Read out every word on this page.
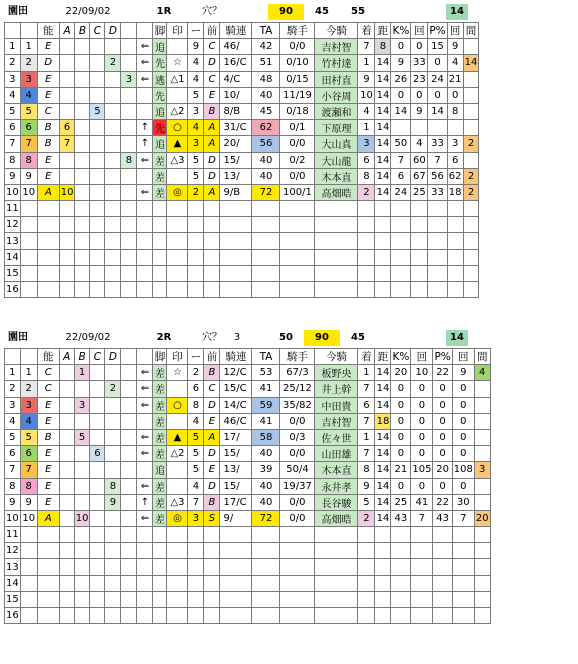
園田	22/09/02	1R	穴？	90	45	55	14
		能	A	B	C	D			脚	印	ー	前	騎連	TA	騎手	今騎	着	距	K%	回	P%	回	間
1	1	E						⇐	追		9	C	46/	42	0/0	吉村智	7	8	0	0	15	9	
2	2	D				2		⇐	先	☆	4	D	16/C	51	0/10	竹村達	1	14	9	33	0	4	14
3	3	E					3	⇐	逃	△1	4	C	4/C	48	0/15	田村直	9	14	26	23	24	21	
4	4	E							先		5	E	10/	40	11/19	小谷周	10	14	0	0	0	0	
5	5	C			5				追	△2	3	B	8/B	45	0/18	渡瀬和	4	14	14	9	14	8	
6	6	B	6					↑	先	○	4	A	31/C	62	0/1	下原理	1	14					
7	7	B	7					↑	追	▲	3	A	20/	56	0/0	大山真	3	14	50	4	33	3	2
8	8	E					8	⇐	差	△3	5	D	15/	40	0/2	大山龍	6	14	7	60	7	6	
9	9	E							差		5	D	13/	40	0/0	木本直	8	14	6	67	56	62	2
10	10	A	10					⇐	差	◎	2	A	9/B	72	100/1	高畑晧	2	14	24	25	33	18	2
11																							
12																							
13																							
14																							
15																							
16																							
園田	22/09/02	2R	穴？	3	50	90	45	14
		能	A	B	C	D			脚	印	ー	前	騎連	TA	騎手	今騎	着	距	K%	回	P%	回	間
1	1	C		1				⇐	差	☆	2	B	12/C	53	67/3	板野央	1	14	20	10	22	9	4
2	2	C				2		⇐	差		6	C	15/C	41	25/12	井上幹	7	14	0	0	0	0	
3	3	E		3				⇐	差	○	8	D	14/C	59	35/82	中田貴	6	14	0	0	0	0	
4	4	E							差		4	E	46/C	41	0/0	吉村智	7	18	0	0	0	0	
5	5	B		5				⇐	差	▲	5	A	17/	58	0/3	佐々世	1	14	0	0	0	0	
6	6	E			6			⇐	差	△2	5	D	15/	40	0/0	山田雄	7	14	0	0	0	0	
7	7	E							追		5	E	13/	39	50/4	木本直	8	14	21	105	20	108	3
8	8	E				8		⇐	差		4	D	15/	40	19/37	永井孝	9	14	0	0	0	0	
9	9	E				9		↑	差	△3	7	B	17/C	40	0/0	長谷駿	5	14	25	41	22	30	
10	10	A		10				⇐	差	◎	3	S	9/	72	0/0	高畑晧	2	14	43	7	43	7	20
11																							
12																							
13																							
14																							
15																							
16																							
